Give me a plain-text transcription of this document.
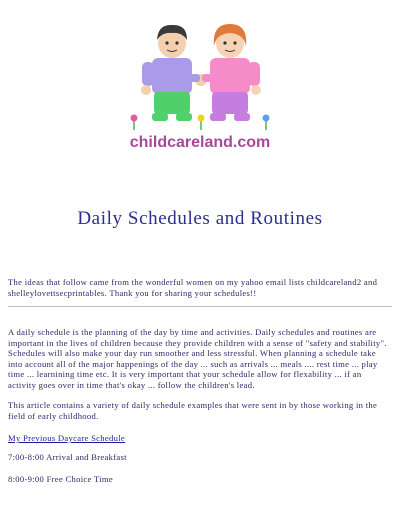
childcareland.com
Daily Schedules and Routines
The ideas that follow came from the wonderful women on my yahoo email lists childcareland2 and shelleylovettsecprintables. Thank you for sharing your schedules!!
A daily schedule is the planning of the day by time and activities. Daily schedules and routines are important in the lives of children because they provide children with a sense of "safety and stability". Schedules will also make your day run smoother and less stressful. When planning a schedule take into account all of the major happenings of the day ... such as arrivals ... meals .... rest time ... play time ... learnining time etc. It is very important that your schedule allow for flexability ... if an activity goes over in time that's okay ... follow the children's lead.
This article contains a variety of daily schedule examples that were sent in by those working in the field of early childhood.
My Previous Daycare Schedule
7:00-8:00 Arrival and Breakfast
8:00-9:00 Free Choice Time
